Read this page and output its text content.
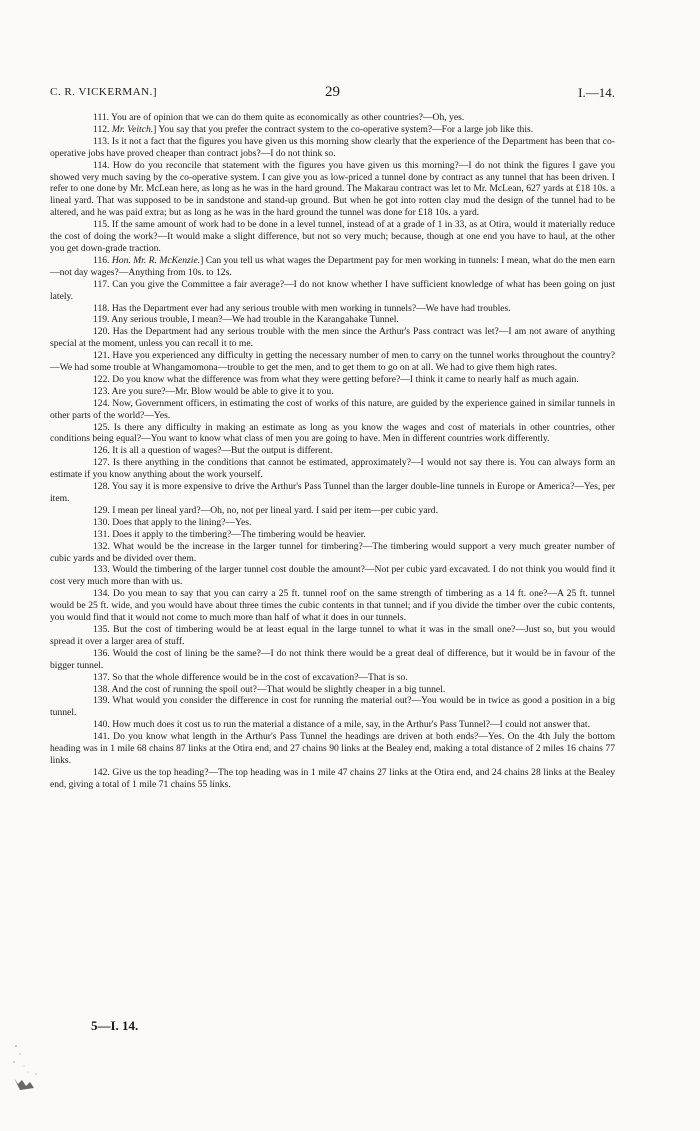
C. R. VICKERMAN.]	29	I.—14.

111. You are of opinion that we can do them quite as economically as other countries?—Oh, yes.

112. Mr. Veitch.] You say that you prefer the contract system to the co-operative system?—For a large job like this.

113. Is it not a fact that the figures you have given us this morning show clearly that the experience of the Department has been that co-operative jobs have proved cheaper than contract jobs?—I do not think so.

114. How do you reconcile that statement with the figures you have given us this morning?—I do not think the figures I gave you showed very much saving by the co-operative system. I can give you as low-priced a tunnel done by contract as any tunnel that has been driven. I refer to one done by Mr. McLean here, as long as he was in the hard ground. The Makarau contract was let to Mr. McLean, 627 yards at £18 10s. a lineal yard. That was supposed to be in sandstone and stand-up ground. But when he got into rotten clay mud the design of the tunnel had to be altered, and he was paid extra; but as long as he was in the hard ground the tunnel was done for £18 10s. a yard.

115. If the same amount of work had to be done in a level tunnel, instead of at a grade of 1 in 33, as at Otira, would it materially reduce the cost of doing the work?—It would make a slight difference, but not so very much; because, though at one end you have to haul, at the other you get down-grade traction.

116. Hon. Mr. R. McKenzie.] Can you tell us what wages the Department pay for men working in tunnels: I mean, what do the men earn—not day wages?—Anything from 10s. to 12s.

117. Can you give the Committee a fair average?—I do not know whether I have sufficient knowledge of what has been going on just lately.

118. Has the Department ever had any serious trouble with men working in tunnels?—We have had troubles.

119. Any serious trouble, I mean?—We had trouble in the Karangahake Tunnel.

120. Has the Department had any serious trouble with the men since the Arthur's Pass contract was let?—I am not aware of anything special at the moment, unless you can recall it to me.

121. Have you experienced any difficulty in getting the necessary number of men to carry on the tunnel works throughout the country?—We had some trouble at Whangamomona—trouble to get the men, and to get them to go on at all. We had to give them high rates.

122. Do you know what the difference was from what they were getting before?—I think it came to nearly half as much again.

123. Are you sure?—Mr. Blow would be able to give it to you.

124. Now, Government officers, in estimating the cost of works of this nature, are guided by the experience gained in similar tunnels in other parts of the world?—Yes.

125. Is there any difficulty in making an estimate as long as you know the wages and cost of materials in other countries, other conditions being equal?—You want to know what class of men you are going to have. Men in different countries work differently.

126. It is all a question of wages?—But the output is different.

127. Is there anything in the conditions that cannot be estimated, approximately?—I would not say there is. You can always form an estimate if you know anything about the work yourself.

128. You say it is more expensive to drive the Arthur's Pass Tunnel than the larger double-line tunnels in Europe or America?—Yes, per item.

129. I mean per lineal yard?—Oh, no, not per lineal yard. I said per item—per cubic yard.

130. Does that apply to the lining?—Yes.

131. Does it apply to the timbering?—The timbering would be heavier.

132. What would be the increase in the larger tunnel for timbering?—The timbering would support a very much greater number of cubic yards and be divided over them.

133. Would the timbering of the larger tunnel cost double the amount?—Not per cubic yard excavated. I do not think you would find it cost very much more than with us.

134. Do you mean to say that you can carry a 25 ft. tunnel roof on the same strength of timbering as a 14 ft. one?—A 25 ft. tunnel would be 25 ft. wide, and you would have about three times the cubic contents in that tunnel; and if you divide the timber over the cubic contents, you would find that it would not come to much more than half of what it does in our tunnels.

135. But the cost of timbering would be at least equal in the large tunnel to what it was in the small one?—Just so, but you would spread it over a larger area of stuff.

136. Would the cost of lining be the same?—I do not think there would be a great deal of difference, but it would be in favour of the bigger tunnel.

137. So that the whole difference would be in the cost of excavation?—That is so.

138. And the cost of running the spoil out?—That would be slightly cheaper in a big tunnel.

139. What would you consider the difference in cost for running the material out?—You would be in twice as good a position in a big tunnel.

140. How much does it cost us to run the material a distance of a mile, say, in the Arthur's Pass Tunnel?—I could not answer that.

141. Do you know what length in the Arthur's Pass Tunnel the headings are driven at both ends?—Yes. On the 4th July the bottom heading was in 1 mile 68 chains 87 links at the Otira end, and 27 chains 90 links at the Bealey end, making a total distance of 2 miles 16 chains 77 links.

142. Give us the top heading?—The top heading was in 1 mile 47 chains 27 links at the Otira end, and 24 chains 28 links at the Bealey end, giving a total of 1 mile 71 chains 55 links.

5—I. 14.
